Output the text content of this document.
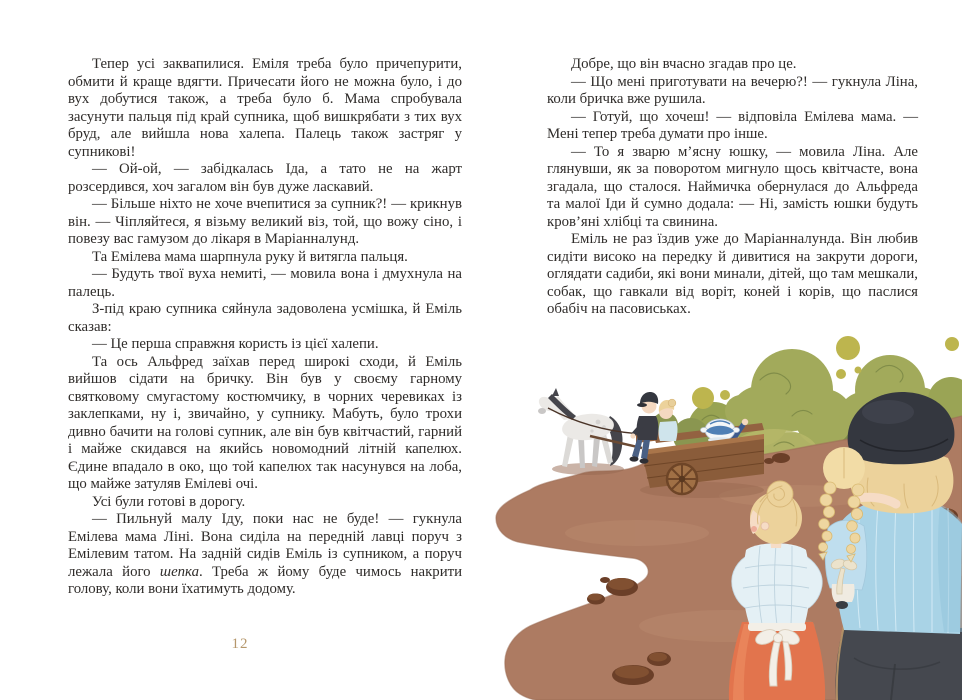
Тепер усі заквапилися. Еміля треба було причепурити, обмити й краще вдягти. Причесати його не можна було, і до вух добутися також, а треба було б. Мама спробувала засунути пальця під край супника, щоб вишкрябати з тих вух бруд, але вийшла нова халепа. Палець також застряг у супникові!

— Ой-ой, — забідкалась Іда, а тато не на жарт розсердився, хоч загалом він був дуже ласкавий.

— Більше ніхто не хоче вчепитися за супник?! — крикнув він. — Чіпляйтеся, я візьму великий віз, той, що вожу сіно, і повезу вас гамузом до лікаря в Маріанналунд.

Та Емілева мама шарпнула руку й витягла пальця.

— Будуть твої вуха немиті, — мовила вона і дмухнула на палець.

З-під краю супника сяйнула задоволена усмішка, й Еміль сказав:

— Це перша справжня користь із цієї халепи.

Та ось Альфред заїхав перед широкі сходи, й Еміль вийшов сідати на бричку. Він був у своєму гарному святковому смугастому костюмчику, в чорних черевиках із заклепками, ну і, звичайно, у супнику. Мабуть, було трохи дивно бачити на голові супник, але він був квітчастий, гарний і майже скидався на якийсь новомодний літній капелюх. Єдине впадало в око, що той капелюх так насунувся на лоба, що майже затуляв Емілеві очі.

Усі були готові в дорогу.

— Пильнуй малу Іду, поки нас не буде! — гукнула Емілева мама Ліні. Вона сиділа на передній лавці поруч з Емілевим татом. На задній сидів Еміль із супником, а поруч лежала його шепка. Треба ж йому буде чимось накрити голову, коли вони їхатимуть додому.

12

Добре, що він вчасно згадав про це.

— Що мені приготувати на вечерю?! — гукнула Ліна, коли бричка вже рушила.

— Готуй, що хочеш! — відповіла Емілева мама. — Мені тепер треба думати про інше.

— То я зварю м’ясну юшку, — мовила Ліна. Але глянувши, як за поворотом мигнуло щось квітчасте, вона згадала, що сталося. Наймичка обернулася до Альфреда та малої Іди й сумно додала: — Ні, замість юшки будуть кров’яні хлібці та свинина.

Еміль не раз їздив уже до Маріанналунда. Він любив сидіти високо на передку й дивитися на закрути дороги, оглядати садиби, які вони минали, дітей, що там мешкали, собак, що гавкали від воріт, коней і корів, що паслися обабіч на пасовиськах.
